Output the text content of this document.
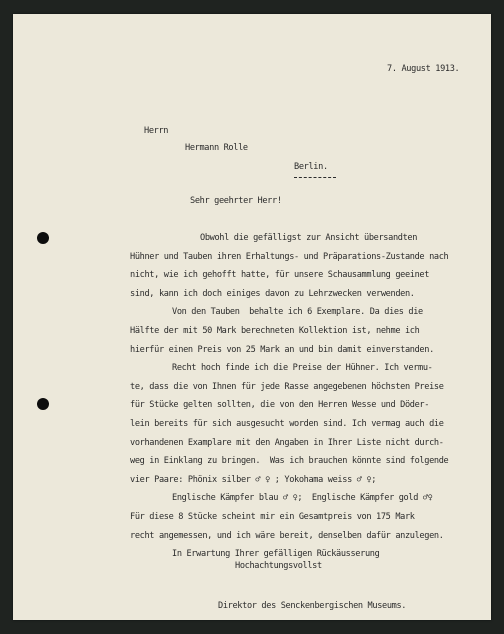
7. August 1913.
Herrn
Hermann Rolle
Berlin.
Sehr geehrter Herr!
Obwohl die gefälligst zur Ansicht übersandten
Hühner und Tauben ihren Erhaltungs- und Präparations-Zustande nach
nicht, wie ich gehofft hatte, für unsere Schausammlung geeinet
sind, kann ich doch einiges davon zu Lehrzwecken verwenden.
Von den Tauben  behalte ich 6 Exemplare. Da dies die
Hälfte der mit 50 Mark berechneten Kollektion ist, nehme ich
hierfür einen Preis von 25 Mark an und bin damit einverstanden.
Recht hoch finde ich die Preise der Hühner. Ich vermu-
te, dass die von Ihnen für jede Rasse angegebenen höchsten Preise
für Stücke gelten sollten, die von den Herren Wesse und Döder-
lein bereits für sich ausgesucht worden sind. Ich vermag auch die
vorhandenen Examplare mit den Angaben in Ihrer Liste nicht durch-
weg in Einklang zu bringen.  Was ich brauchen könnte sind folgende
vier Paare: Phönix silber ♂ ♀ ; Yokohama weiss ♂ ♀;
Englische Kämpfer blau ♂ ♀;  Englische Kämpfer gold ♂♀
Für diese 8 Stücke scheint mir ein Gesamtpreis von 175 Mark
recht angemessen, und ich wäre bereit, denselben dafür anzulegen.
In Erwartung Ihrer gefälligen Rückäusserung
Hochachtungsvollst
Direktor des Senckenbergischen Museums.
